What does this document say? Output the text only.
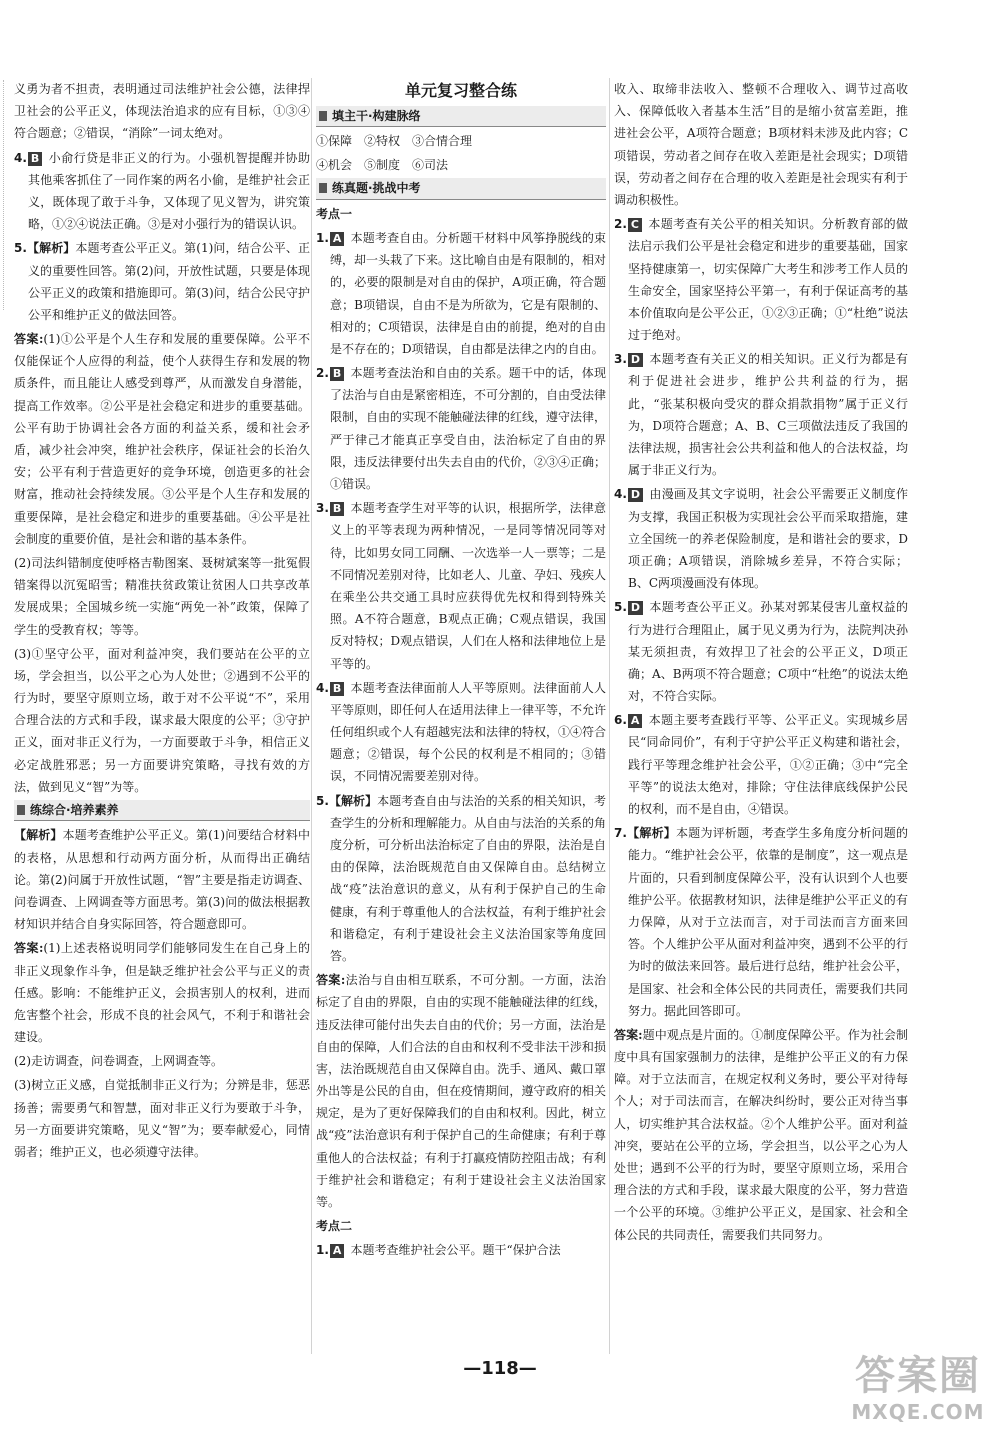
义勇为者不担责，表明通过司法维护社会公德，法律捍卫社会的公平正义，体现法治追求的应有目标，①③④符合题意；②错误，“消除”一词太绝对。

4. B 小俞行贷是非正义的行为。小强机智提醒并协助其他乘客抓住了一同作案的两名小偷，是维护社会正义，既体现了敢于斗争，又体现了见义智为，讲究策略，①②④说法正确。③是对小强行为的错误认识。

5.【解析】本题考查公平正义。第(1)问，结合公平、正义的重要性回答。第(2)问，开放性试题，只要是体现公平正义的政策和措施即可。第(3)问，结合公民守护公平和维护正义的做法回答。

答案:(1)①公平是个人生存和发展的重要保障。公平不仅能保证个人应得的利益，使个人获得生存和发展的物质条件，而且能让人感受到尊严，从而激发自身潜能，提高工作效率。②公平是社会稳定和进步的重要基础。公平有助于协调社会各方面的利益关系，缓和社会矛盾，减少社会冲突，维护社会秩序，保证社会的长治久安；公平有利于营造更好的竞争环境，创造更多的社会财富，推动社会持续发展。③公平是个人生存和发展的重要保障，是社会稳定和进步的重要基础。④公平是社会制度的重要价值，是社会和谐的基本条件。

(2)司法纠错制度使呼格吉勒图案、聂树斌案等一批冤假错案得以沉冤昭雪；精准扶贫政策让贫困人口共享改革发展成果；全国城乡统一实施“两免一补”政策，保障了学生的受教育权；等等。

(3)①坚守公平，面对利益冲突，我们要站在公平的立场，学会担当，以公平之心为人处世；②遇到不公平的行为时，要坚守原则立场，敢于对不公平说“不”，采用合理合法的方式和手段，谋求最大限度的公平；③守护正义，面对非正义行为，一方面要敢于斗争，相信正义必定战胜邪恶；另一方面要讲究策略，寻找有效的方法，做到见义“智”为等。

练综合·培养素养

【解析】本题考查维护公平正义。第(1)问要结合材料中的表格，从思想和行动两方面分析，从而得出正确结论。第(2)问属于开放性试题，“智”主要是指走访调查、问卷调查、上网调查等方面思考。第(3)问的做法根据教材知识并结合自身实际回答，符合题意即可。

答案:(1)上述表格说明同学们能够同发生在自己身上的非正义现象作斗争，但是缺乏维护社会公平与正义的责任感。影响：不能维护正义，会损害别人的权利，进而危害整个社会，形成不良的社会风气，不利于和谐社会建设。

(2)走访调查，问卷调查，上网调查等。

(3)树立正义感，自觉抵制非正义行为；分辨是非，惩恶扬善；需要勇气和智慧，面对非正义行为要敢于斗争，另一方面要讲究策略，见义“智”为；要奉献爱心，同情弱者；维护正义，也必须遵守法律。

单元复习整合练
填主干·构建脉络

①保障　②特权　③合情合理

④机会　⑤制度　⑥司法

练真题·挑战中考
考点一

1. A 本题考查自由。分析题干材料中风筝挣脱线的束缚，却一头栽了下来。这比喻自由是有限制的，相对的，必要的限制是对自由的保护，A项正确，符合题意；B项错误，自由不是为所欲为，它是有限制的、相对的；C项错误，法律是自由的前提，绝对的自由是不存在的；D项错误，自由都是法律之内的自由。

2. B 本题考查法治和自由的关系。题干中的话，体现了法治与自由是紧密相连，不可分割的，自由受法律限制，自由的实现不能触碰法律的红线，遵守法律，严于律己才能真正享受自由，法治标定了自由的界限，违反法律要付出失去自由的代价，②③④正确；①错误。

3. B 本题考查学生对平等的认识，根据所学，法律意义上的平等表现为两种情况，一是同等情况同等对待，比如男女同工同酬、一次选举一人一票等；二是不同情况差别对待，比如老人、儿童、孕妇、残疾人在乘坐公共交通工具时应获得优先权和得到特殊关照。A不符合题意，B观点正确；C观点错误，我国反对特权；D观点错误，人们在人格和法律地位上是平等的。

4. B 本题考查法律面前人人平等原则。法律面前人人平等原则，即任何人在适用法律上一律平等，不允许任何组织或个人有超越宪法和法律的特权，①④符合题意；②错误，每个公民的权利是不相同的；③错误，不同情况需要差别对待。

5.【解析】本题考查自由与法治的关系的相关知识，考查学生的分析和理解能力。从自由与法治的关系的角度分析，可分析出法治标定了自由的界限，法治是自由的保障，法治既规范自由又保障自由。总结树立战“疫”法治意识的意义，从有利于保护自己的生命健康，有利于尊重他人的合法权益，有利于维护社会和谐稳定，有利于建设社会主义法治国家等角度回答。

答案:法治与自由相互联系，不可分割。一方面，法治标定了自由的界限，自由的实现不能触碰法律的红线，违反法律可能付出失去自由的代价；另一方面，法治是自由的保障，人们合法的自由和权利不受非法干涉和损害，法治既规范自由又保障自由。洗手、通风、戴口罩外出等是公民的自由，但在疫情期间，遵守政府的相关规定，是为了更好保障我们的自由和权利。因此，树立战“疫”法治意识有利于保护自己的生命健康；有利于尊重他人的合法权益；有利于打赢疫情防控阻击战；有利于维护社会和谐稳定；有利于建设社会主义法治国家等。

考点二

1. A 本题考查维护社会公平。题干“保护合法

收入、取缔非法收入、整顿不合理收入、调节过高收入、保障低收入者基本生活”目的是缩小贫富差距，推进社会公平，A项符合题意；B项材料未涉及此内容；C项错误，劳动者之间存在收入差距是社会现实；D项错误，劳动者之间存在合理的收入差距是社会现实有利于调动积极性。

2. C 本题考查有关公平的相关知识。分析教育部的做法启示我们公平是社会稳定和进步的重要基础，国家坚持健康第一，切实保障广大考生和涉考工作人员的生命安全，国家坚持公平第一，有利于保证高考的基本价值取向是公平公正，①②③正确；①“杜绝”说法过于绝对。

3. D 本题考查有关正义的相关知识。正义行为都是有利于促进社会进步，维护公共利益的行为，据此，“张某积极向受灾的群众捐款捐物”属于正义行为，D项符合题意；A、B、C三项做法违反了我国的法律法规，损害社会公共利益和他人的合法权益，均属于非正义行为。

4. D 由漫画及其文字说明，社会公平需要正义制度作为支撑，我国正积极为实现社会公平而采取措施，建立全国统一的养老保险制度，是和谐社会的要求，D项正确；A项错误，消除城乡差异，不符合实际；B、C两项漫画没有体现。

5. D 本题考查公平正义。孙某对郭某侵害儿童权益的行为进行合理阻止，属于见义勇为行为，法院判决孙某无须担责，有效捍卫了社会的公平正义，D项正确；A、B两项不符合题意；C项中“杜绝”的说法太绝对，不符合实际。

6. A 本题主要考查践行平等、公平正义。实现城乡居民“同命同价”，有利于守护公平正义构建和谐社会，践行平等理念维护社会公平，①②正确；③中“完全平等”的说法太绝对，排除；守住法律底线保护公民的权利，而不是自由，④错误。

7.【解析】本题为评析题，考查学生多角度分析问题的能力。“维护社会公平，依靠的是制度”，这一观点是片面的，只看到制度保障公平，没有认识到个人也要维护公平。依据教材知识，法律是维护公平正义的有力保障，从对于立法而言，对于司法而言方面来回答。个人维护公平从面对利益冲突，遇到不公平的行为时的做法来回答。最后进行总结，维护社会公平，是国家、社会和全体公民的共同责任，需要我们共同努力。据此回答即可。

答案:题中观点是片面的。①制度保障公平。作为社会制度中具有国家强制力的法律，是维护公平正义的有力保障。对于立法而言，在规定权利义务时，要公平对待每个人；对于司法而言，在解决纠纷时，要公正对待当事人，切实维护其合法权益。②个人维护公平。面对利益冲突，要站在公平的立场，学会担当，以公平之心为人处世；遇到不公平的行为时，要坚守原则立场，采用合理合法的方式和手段，谋求最大限度的公平，努力营造一个公平的环境。③维护公平正义，是国家、社会和全体公民的共同责任，需要我们共同努力。

—118—	答案圈
MXQE.COM
